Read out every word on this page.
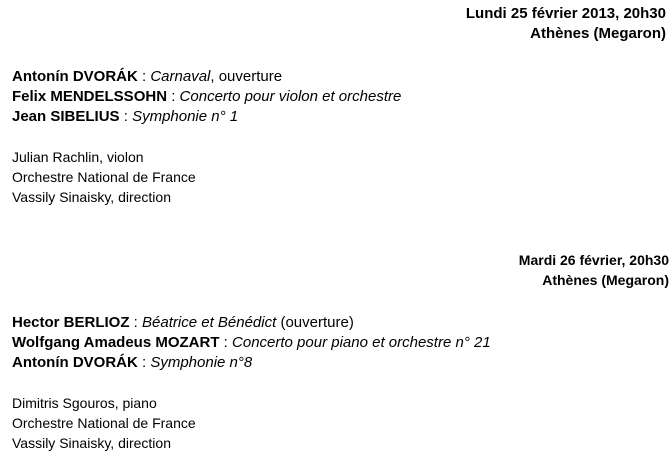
Lundi 25 février 2013, 20h30
Athènes (Megaron)
Antonín DVORÁK : Carnaval, ouverture
Felix MENDELSSOHN : Concerto pour violon et orchestre
Jean SIBELIUS : Symphonie n° 1
Julian Rachlin, violon
Orchestre National de France
Vassily Sinaisky, direction
Mardi 26 février, 20h30
Athènes (Megaron)
Hector BERLIOZ : Béatrice et Bénédict (ouverture)
Wolfgang Amadeus MOZART : Concerto pour piano et orchestre n° 21
Antonín DVORÁK : Symphonie n°8
Dimitris Sgouros, piano
Orchestre National de France
Vassily Sinaisky, direction
